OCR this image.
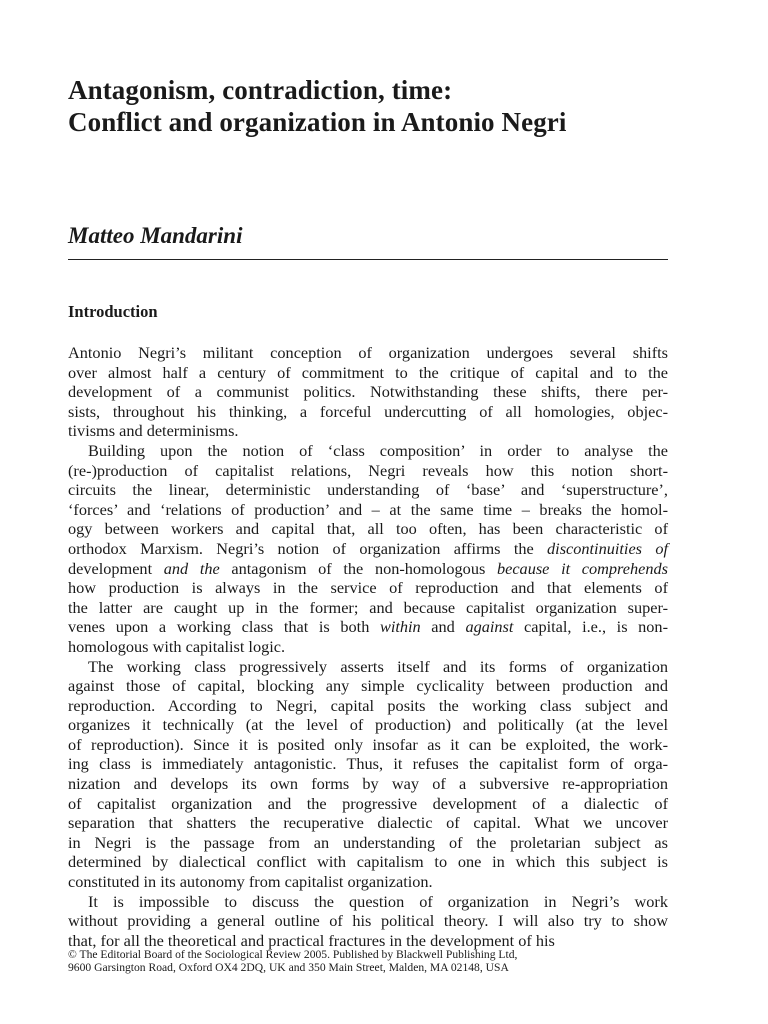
Antagonism, contradiction, time:
Conflict and organization in Antonio Negri

Matteo Mandarini

Introduction
Antonio Negri’s militant conception of organization undergoes several shifts
over almost half a century of commitment to the critique of capital and to the
development of a communist politics. Notwithstanding these shifts, there per-
sists, throughout his thinking, a forceful undercutting of all homologies, objec-
tivisms and determinisms.
Building upon the notion of ‘class composition’ in order to analyse the
(re-)production of capitalist relations, Negri reveals how this notion short-
circuits the linear, deterministic understanding of ‘base’ and ‘superstructure’,
‘forces’ and ‘relations of production’ and – at the same time – breaks the homol-
ogy between workers and capital that, all too often, has been characteristic of
orthodox Marxism. Negri’s notion of organization affirms the discontinuities of
development and the antagonism of the non-homologous because it comprehends
how production is always in the service of reproduction and that elements of
the latter are caught up in the former; and because capitalist organization super-
venes upon a working class that is both within and against capital, i.e., is non-
homologous with capitalist logic.
The working class progressively asserts itself and its forms of organization
against those of capital, blocking any simple cyclicality between production and
reproduction. According to Negri, capital posits the working class subject and
organizes it technically (at the level of production) and politically (at the level
of reproduction). Since it is posited only insofar as it can be exploited, the work-
ing class is immediately antagonistic. Thus, it refuses the capitalist form of orga-
nization and develops its own forms by way of a subversive re-appropriation
of capitalist organization and the progressive development of a dialectic of
separation that shatters the recuperative dialectic of capital. What we uncover
in Negri is the passage from an understanding of the proletarian subject as
determined by dialectical conflict with capitalism to one in which this subject is
constituted in its autonomy from capitalist organization.
It is impossible to discuss the question of organization in Negri’s work
without providing a general outline of his political theory. I will also try to show
that, for all the theoretical and practical fractures in the development of his
© The Editorial Board of the Sociological Review 2005. Published by Blackwell Publishing Ltd,
9600 Garsington Road, Oxford OX4 2DQ, UK and 350 Main Street, Malden, MA 02148, USA
